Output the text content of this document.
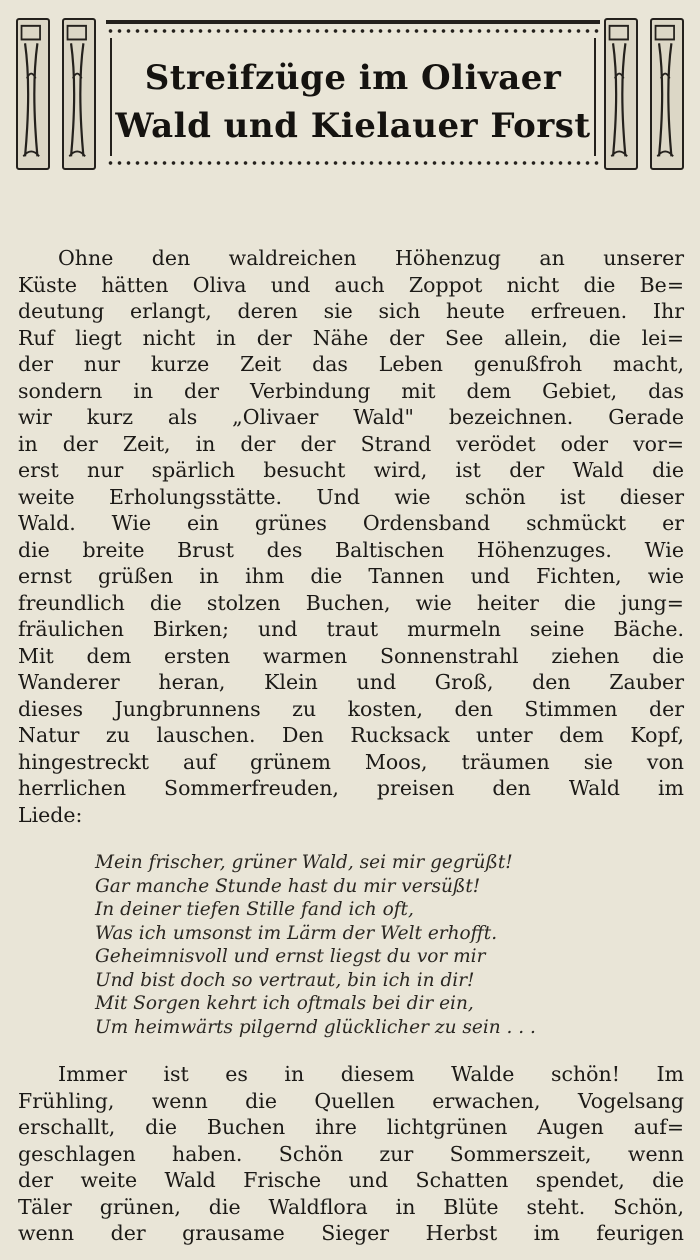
Streifzüge im Olivaer
Wald und Kielauer Forst
Ohne den waldreichen Höhenzug an unserer
Küste hätten Oliva und auch Zoppot nicht die Be=
deutung erlangt, deren sie sich heute erfreuen. Ihr
Ruf liegt nicht in der Nähe der See allein, die lei=
der nur kurze Zeit das Leben genußfroh macht,
sondern in der Verbindung mit dem Gebiet, das
wir kurz als „Olivaer Wald" bezeichnen. Gerade
in der Zeit, in der der Strand verödet oder vor=
erst nur spärlich besucht wird, ist der Wald die
weite Erholungsstätte. Und wie schön ist dieser
Wald. Wie ein grünes Ordensband schmückt er
die breite Brust des Baltischen Höhenzuges. Wie
ernst grüßen in ihm die Tannen und Fichten, wie
freundlich die stolzen Buchen, wie heiter die jung=
fräulichen Birken; und traut murmeln seine Bäche.
Mit dem ersten warmen Sonnenstrahl ziehen die
Wanderer heran, Klein und Groß, den Zauber
dieses Jungbrunnens zu kosten, den Stimmen der
Natur zu lauschen. Den Rucksack unter dem Kopf,
hingestreckt auf grünem Moos, träumen sie von
herrlichen Sommerfreuden, preisen den Wald im
Liede:
Mein frischer, grüner Wald, sei mir gegrüßt!
Gar manche Stunde hast du mir versüßt!
In deiner tiefen Stille fand ich oft,
Was ich umsonst im Lärm der Welt erhofft.
Geheimnisvoll und ernst liegst du vor mir
Und bist doch so vertraut, bin ich in dir!
Mit Sorgen kehrt ich oftmals bei dir ein,
Um heimwärts pilgernd glücklicher zu sein . . .
Immer ist es in diesem Walde schön! Im
Frühling, wenn die Quellen erwachen, Vogelsang
erschallt, die Buchen ihre lichtgrünen Augen auf=
geschlagen haben. Schön zur Sommerszeit, wenn
der weite Wald Frische und Schatten spendet, die
Täler grünen, die Waldflora in Blüte steht. Schön,
wenn der grausame Sieger Herbst im feurigen
